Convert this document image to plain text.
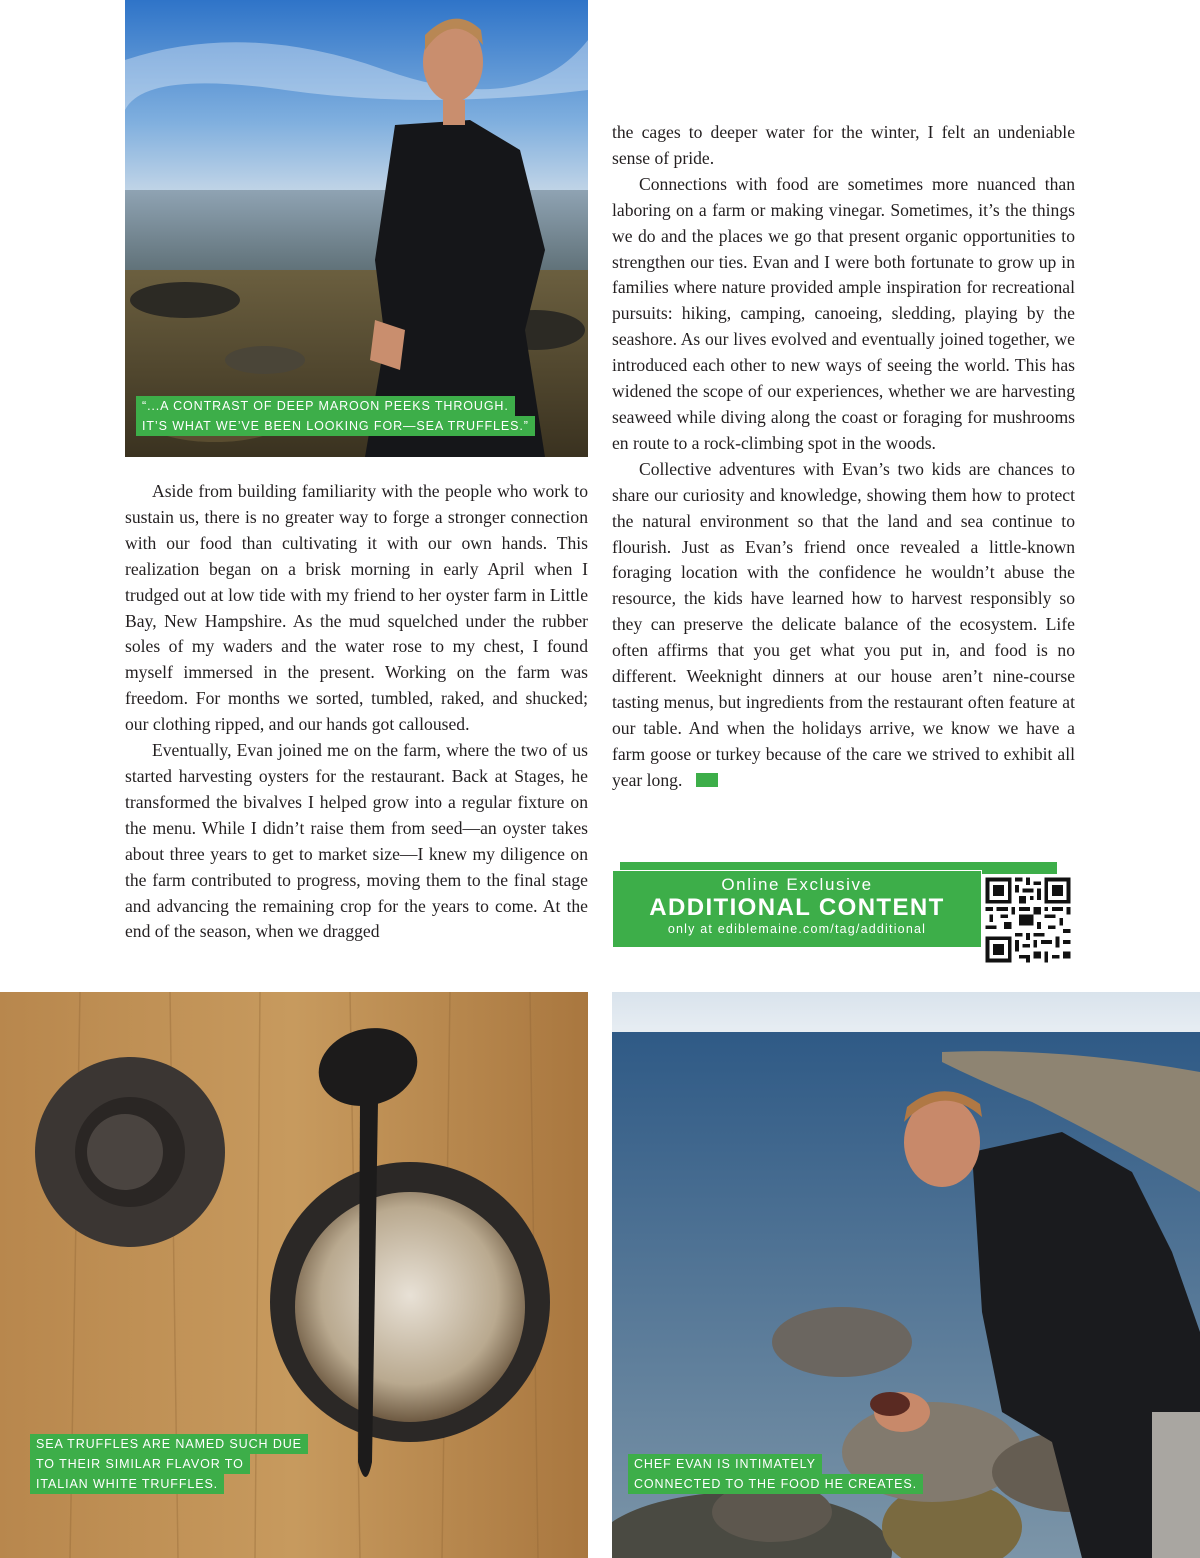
“...A CONTRAST OF DEEP MAROON PEEKS THROUGH.
IT’S WHAT WE’VE BEEN LOOKING FOR—SEA TRUFFLES.”

Aside from building familiarity with the people who work to sustain us, there is no greater way to forge a stronger connection with our food than cultivating it with our own hands. This realization began on a brisk morning in early April when I trudged out at low tide with my friend to her oyster farm in Little Bay, New Hampshire. As the mud squelched under the rubber soles of my waders and the water rose to my chest, I found myself immersed in the present. Working on the farm was freedom. For months we sorted, tumbled, raked, and shucked; our clothing ripped, and our hands got calloused.

Eventually, Evan joined me on the farm, where the two of us started harvesting oysters for the restaurant. Back at Stages, he transformed the bivalves I helped grow into a regular fixture on the menu. While I didn’t raise them from seed—an oyster takes about three years to get to market size—I knew my diligence on the farm contributed to progress, moving them to the final stage and advancing the remaining crop for the years to come. At the end of the season, when we dragged

the cages to deeper water for the winter, I felt an undeniable sense of pride.

Connections with food are sometimes more nuanced than laboring on a farm or making vinegar. Sometimes, it’s the things we do and the places we go that present organic opportunities to strengthen our ties. Evan and I were both fortunate to grow up in families where nature provided ample inspiration for recreational pursuits: hiking, camping, canoeing, sledding, playing by the seashore. As our lives evolved and eventually joined together, we introduced each other to new ways of seeing the world. This has widened the scope of our experiences, whether we are harvesting seaweed while diving along the coast or foraging for mushrooms en route to a rock-climbing spot in the woods.

Collective adventures with Evan’s two kids are chances to share our curiosity and knowledge, showing them how to protect the natural environment so that the land and sea continue to flourish. Just as Evan’s friend once revealed a little-known foraging location with the confidence he wouldn’t abuse the resource, the kids have learned how to harvest responsibly so they can preserve the delicate balance of the ecosystem. Life often affirms that you get what you put in, and food is no different. Weeknight dinners at our house aren’t nine-course tasting menus, but ingredients from the restaurant often feature at our table. And when the holidays arrive, we know we have a farm goose or turkey because of the care we strived to exhibit all year long.	E|M

Online Exclusive
ADDITIONAL CONTENT
only at ediblemaine.com/tag/additional
SEA TRUFFLES ARE NAMED SUCH DUE
TO THEIR SIMILAR FLAVOR TO
ITALIAN WHITE TRUFFLES.
CHEF EVAN IS INTIMATELY
CONNECTED TO THE FOOD HE CREATES.
